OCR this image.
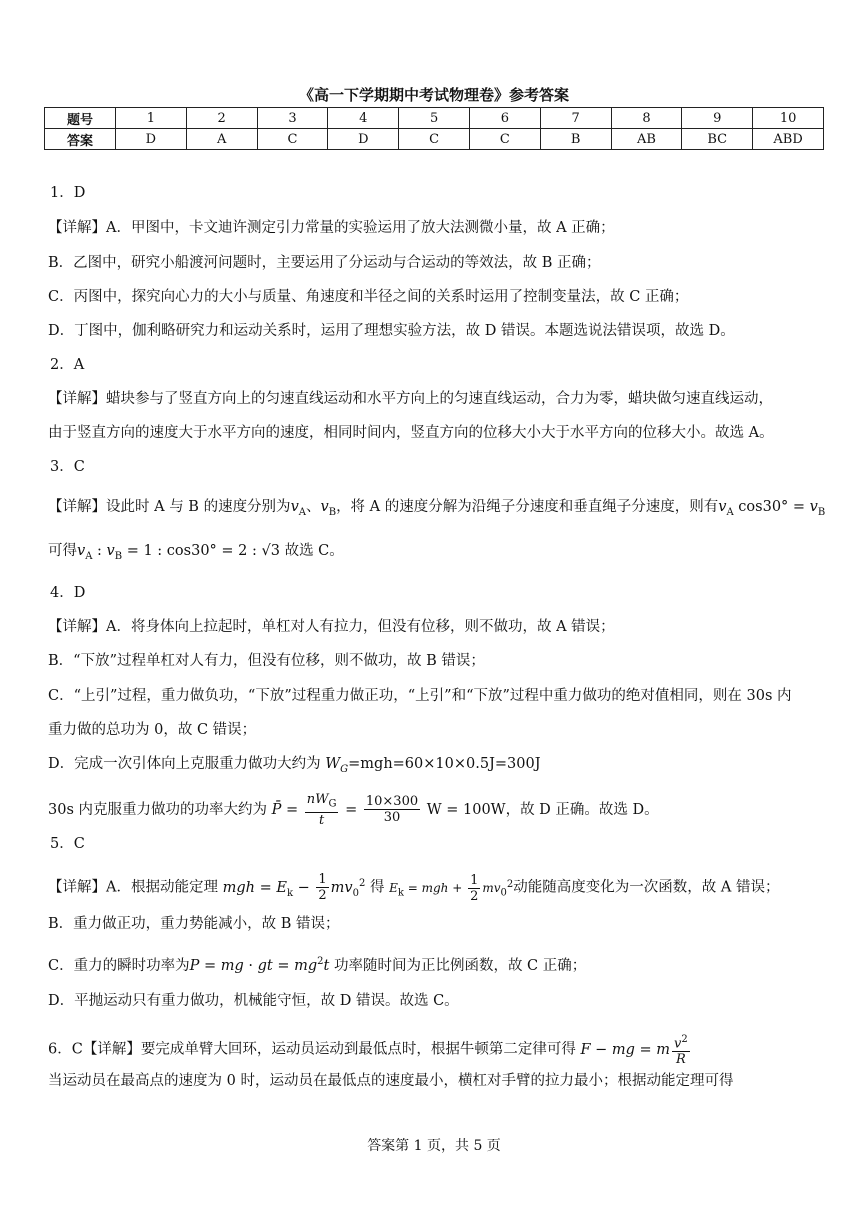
《高一下学期期中考试物理卷》参考答案
题号	1	2	3	4	5	6	7	8	9	10
答案	D	A	C	D	C	C	B	AB	BC	ABD
1．D
【详解】A．甲图中，卡文迪许测定引力常量的实验运用了放大法测微小量，故 A 正确；
B．乙图中，研究小船渡河问题时，主要运用了分运动与合运动的等效法，故 B 正确；
C．丙图中，探究向心力的大小与质量、角速度和半径之间的关系时运用了控制变量法，故 C 正确；
D．丁图中，伽利略研究力和运动关系时，运用了理想实验方法，故 D 错误。本题选说法错误项，故选 D。
2．A
【详解】蜡块参与了竖直方向上的匀速直线运动和水平方向上的匀速直线运动，合力为零，蜡块做匀速直线运动，
由于竖直方向的速度大于水平方向的速度，相同时间内，竖直方向的位移大小大于水平方向的位移大小。故选 A。
3．C
【详解】设此时 A 与 B 的速度分别为$v_A$、$v_B$，将 A 的速度分解为沿绳子分速度和垂直绳子分速度，则有$v_A$ $\cos 30^\circ = v_B$
可得$v_A$ : $v_B = 1$ : cos30° = 2 : √3 故选 C。
4．D
【详解】A．将身体向上拉起时，单杠对人有拉力，但没有位移，则不做功，故 A 错误；
B．“下放”过程单杠对人有力，但没有位移，则不做功，故 B 错误；
C．“上引”过程，重力做负功，“下放”过程重力做正功，“上引”和“下放”过程中重力做功的绝对值相同，则在 30s 内
重力做的总功为 0，故 C 错误；
D．完成一次引体向上克服重力做功大约为 $W_G=mgh=60\times 10\times 0.5J=300J$
30s 内克服重力做功的功率大约为 P̄ = $\frac{nW_G}{t} = \frac{10\times 300}{30}$ W = 100W，故 D 正确。故选 D。
5．C
【详解】A．根据动能定理 mgh = $E_k - \frac{1}{2} mv_0^2$ 得 $E_k$ = mgh + $\frac{1}{2} mv_0^2$动能随高度变化为一次函数，故 A 错误；
B．重力做正功，重力势能减小，故 B 错误；
C．重力的瞬时功率为P = mg · gt = $mg^2t$ 功率随时间为正比例函数，故 C 正确；
D．平抛运动只有重力做功，机械能守恒，故 D 错误。故选 C。
6．C【详解】要完成单臂大回环，运动员运动到最低点时，根据牛顿第二定律可得 F − mg = m $\frac{v^2}{R}$
当运动员在最高点的速度为 0 时，运动员在最低点的速度最小，横杠对手臂的拉力最小；根据动能定理可得
答案第 1 页，共 5 页
